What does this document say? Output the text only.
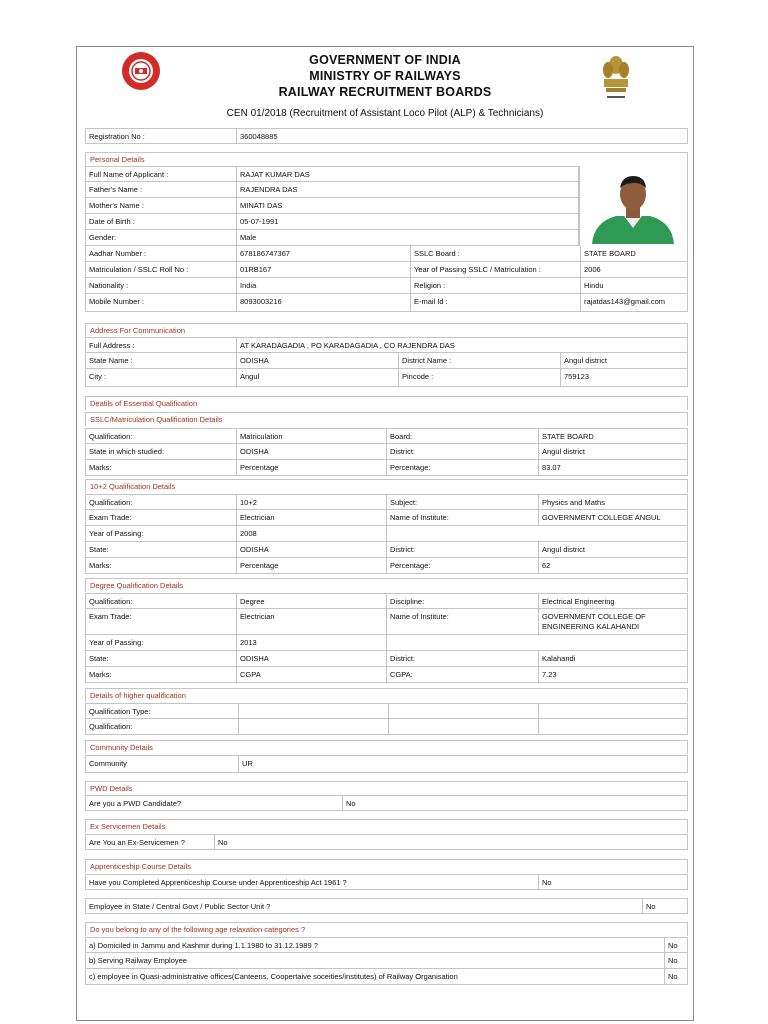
GOVERNMENT OF INDIA
MINISTRY OF RAILWAYS
RAILWAY RECRUITMENT BOARDS
CEN 01/2018 (Recruitment of Assistant Loco Pilot (ALP) & Technicians)
Registration No :	360048885
Personal Details
Full Name of Applicant :	RAJAT KUMAR DAS
Father's Name :	RAJENDRA DAS
Mother's Name :	MINATI DAS
Date of Birth :	05-07-1991
Gender:	Male
Aadhar Number :	678186747367	SSLC Board :	STATE BOARD
Matriculation / SSLC Roll No :	01RB167	Year of Passing SSLC / Matriculation :	2006
Nationality :	India	Religion :	Hindu
Mobile Number :	8093003216	E-mail Id :	rajatdas143@gmail.com
Address For Communication
Full Address :	AT KARADAGADIA , PO KARADAGADIA , CO RAJENDRA DAS
State Name :	ODISHA	District Name :	Angul district
City :	Angul	Pincode :	759123
Deatils of Essential Qualification
SSLC/Matriculation Qualification Details
Qualification:	Matriculation	Board:	STATE BOARD
State in which studied:	ODISHA	District:	Angul district
Marks:	Percentage	Percentage:	83.07
10+2 Qualification Details
Qualification:	10+2	Subject:	Physics and Maths
Exam Trade:	Electrician	Name of Institute:	GOVERNMENT COLLEGE ANGUL
Year of Passing:	2008
State:	ODISHA	District:	Angul district
Marks:	Percentage	Percentage:	62
Degree Qualification Details
Qualification:	Degree	Discipline:	Electrical Engineering
Exam Trade:	Electrician	Name of Institute:	GOVERNMENT COLLEGE OF ENGINEERING KALAHANDI
Year of Passing:	2013
State:	ODISHA	District:	Kalahandi
Marks:	CGPA	CGPA:	7.23
Details of higher qualification
Qualification Type:
Qualification:
Community Details
Community	UR
PWD Details
Are you a PWD Candidate?	No
Ex Servicemen Details
Are You an Ex-Servicemen ?	No
Apprenticeship Course Details
Have you Completed Apprenticeship Course under Apprenticeship Act 1961 ?	No
Employee in State / Central Govt / Public Sector Unit ?	No
Do you belong to any of the following age relaxation categories ?
a) Domiciled in Jammu and Kashmir during 1.1.1980 to 31.12.1989 ?	No
b) Serving Railway Employee	No
c) employee in Quasi-administrative offices(Canteens, Coopertaive soceities/institutes) of Railway Organisation	No
